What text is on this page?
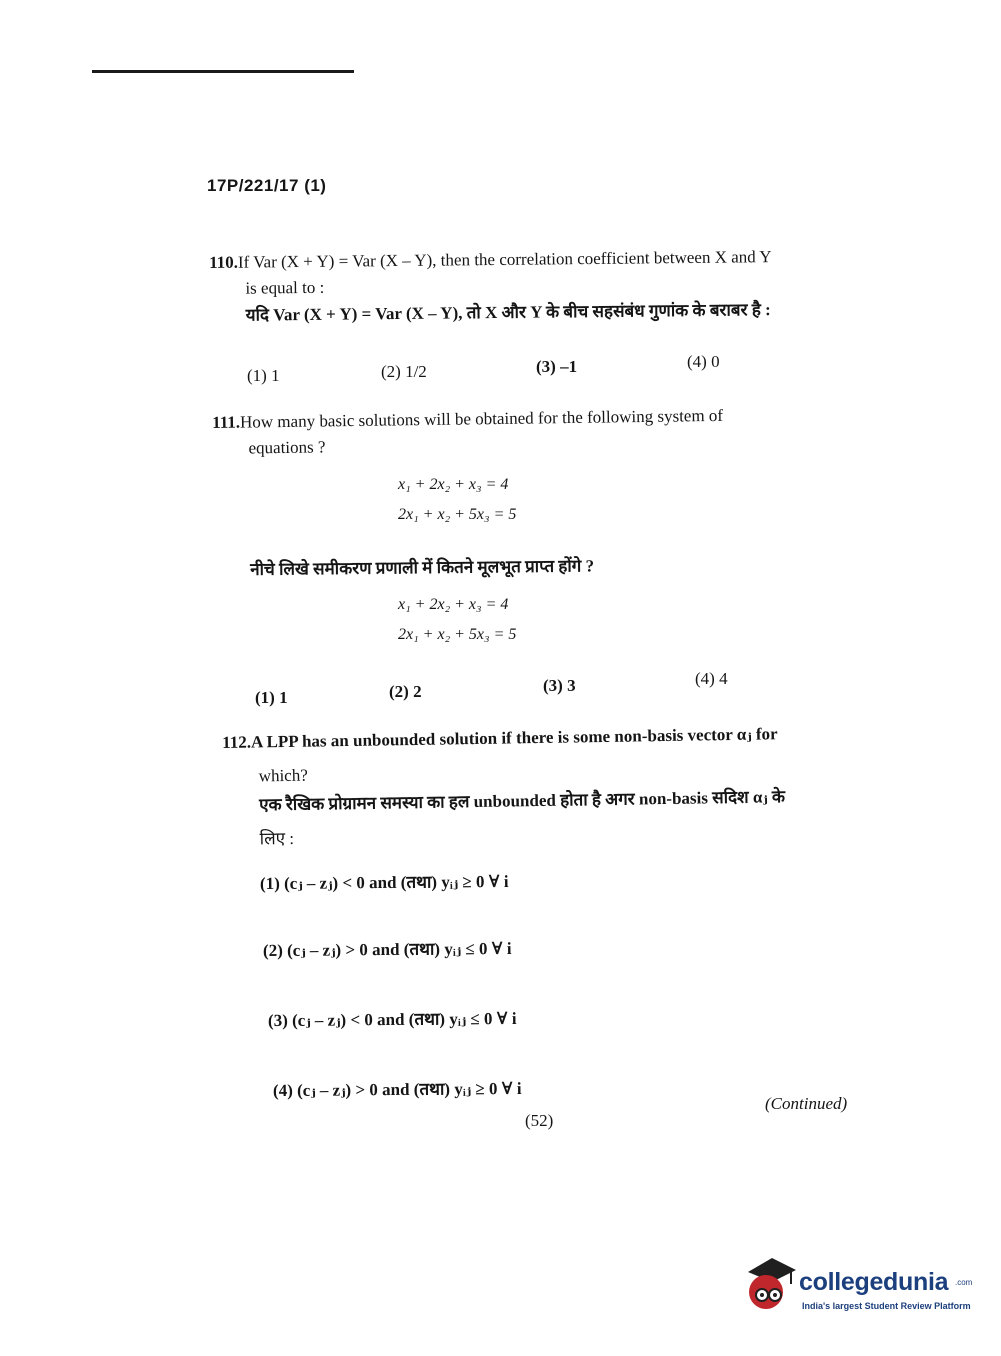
17P/221/17 (1)
110.If Var (X + Y) = Var (X – Y), then the correlation coefficient between X and Y
is equal to :
यदि Var (X + Y) = Var (X – Y), तो X और Y के बीच सहसंबंध गुणांक के बराबर है :
(1) 1	(2) 1/2	(3) –1	(4) 0
111.How many basic solutions will be obtained for the following system of
equations ?
x₁ + 2x₂ + x₃ = 4
2x₁ + x₂ + 5x₃ = 5
नीचे लिखे समीकरण प्रणाली में कितने मूलभूत प्राप्त होंगे ?
x₁ + 2x₂ + x₃ = 4
2x₁ + x₂ + 5x₃ = 5
(1) 1	(2) 2	(3) 3	(4) 4
112.A LPP has an unbounded solution if there is some non-basis vector αⱼ for
which?
एक रैखिक प्रोग्रामन समस्या का हल unbounded होता है अगर non-basis सदिश αⱼ के
लिए :
(1) (cⱼ – zⱼ) < 0 and (तथा) yᵢⱼ ≥ 0 ∀ i
(2) (cⱼ – zⱼ) > 0 and (तथा) yᵢⱼ ≤ 0 ∀ i
(3) (cⱼ – zⱼ) < 0 and (तथा) yᵢⱼ ≤ 0 ∀ i
(4) (cⱼ – zⱼ) > 0 and (तथा) yᵢⱼ ≥ 0 ∀ i
(52)
(Continued)
collegedunia .com
India's largest Student Review Platform
